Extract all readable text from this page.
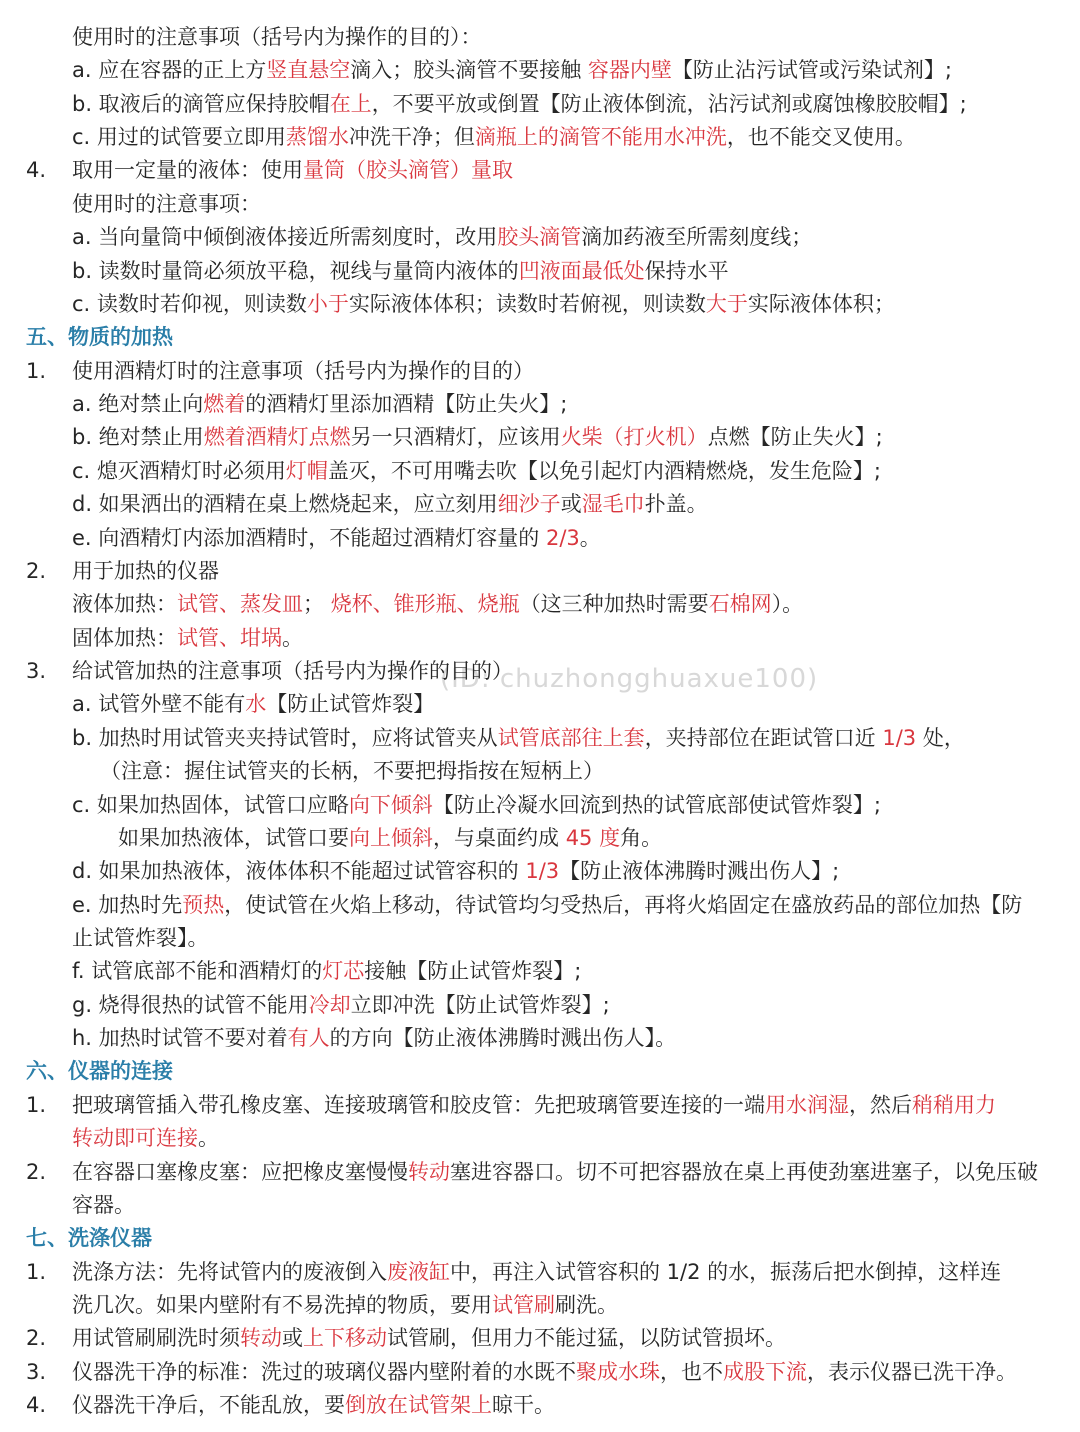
(ID: chuzhongghuaxue100)
使用时的注意事项（括号内为操作的目的）：
a. 应在容器的正上方竖直悬空滴入；胶头滴管不要接触 容器内壁【防止沾污试管或污染试剂】;
b. 取液后的滴管应保持胶帽在上，不要平放或倒置【防止液体倒流，沾污试剂或腐蚀橡胶胶帽】;
c. 用过的试管要立即用蒸馏水冲洗干净；但滴瓶上的滴管不能用水冲洗，也不能交叉使用。
4. 取用一定量的液体：使用量筒（胶头滴管）量取
使用时的注意事项：
a. 当向量筒中倾倒液体接近所需刻度时，改用胶头滴管滴加药液至所需刻度线；
b. 读数时量筒必须放平稳，视线与量筒内液体的凹液面最低处保持水平
c. 读数时若仰视，则读数小于实际液体体积；读数时若俯视，则读数大于实际液体体积；
五、物质的加热
1. 使用酒精灯时的注意事项（括号内为操作的目的）
a. 绝对禁止向燃着的酒精灯里添加酒精【防止失火】;
b. 绝对禁止用燃着酒精灯点燃另一只酒精灯，应该用火柴（打火机）点燃【防止失火】;
c. 熄灭酒精灯时必须用灯帽盖灭，不可用嘴去吹【以免引起灯内酒精燃烧，发生危险】;
d. 如果洒出的酒精在桌上燃烧起来，应立刻用细沙子或湿毛巾扑盖。
e. 向酒精灯内添加酒精时，不能超过酒精灯容量的 2/3。
2. 用于加热的仪器
液体加热：试管、蒸发皿； 烧杯、锥形瓶、烧瓶（这三种加热时需要石棉网）。
固体加热：试管、坩埚。
3. 给试管加热的注意事项（括号内为操作的目的）
a. 试管外壁不能有水【防止试管炸裂】
b. 加热时用试管夹夹持试管时，应将试管夹从试管底部往上套，夹持部位在距试管口近 1/3 处，
（注意：握住试管夹的长柄，不要把拇指按在短柄上）
c. 如果加热固体，试管口应略向下倾斜【防止冷凝水回流到热的试管底部使试管炸裂】;
如果加热液体，试管口要向上倾斜，与桌面约成 45 度角。
d. 如果加热液体，液体体积不能超过试管容积的 1/3【防止液体沸腾时溅出伤人】;
e. 加热时先预热，使试管在火焰上移动，待试管均匀受热后，再将火焰固定在盛放药品的部位加热【防
止试管炸裂】。
f. 试管底部不能和酒精灯的灯芯接触【防止试管炸裂】;
g. 烧得很热的试管不能用冷却立即冲洗【防止试管炸裂】;
h. 加热时试管不要对着有人的方向【防止液体沸腾时溅出伤人】。
六、仪器的连接
1. 把玻璃管插入带孔橡皮塞、连接玻璃管和胶皮管：先把玻璃管要连接的一端用水润湿，然后稍稍用力
转动即可连接。
2. 在容器口塞橡皮塞：应把橡皮塞慢慢转动塞进容器口。切不可把容器放在桌上再使劲塞进塞子，以免压破
容器。
七、洗涤仪器
1. 洗涤方法：先将试管内的废液倒入废液缸中，再注入试管容积的 1/2 的水，振荡后把水倒掉，这样连
洗几次。如果内壁附有不易洗掉的物质，要用试管刷刷洗。
2. 用试管刷刷洗时须转动或上下移动试管刷，但用力不能过猛，以防试管损坏。
3. 仪器洗干净的标准：洗过的玻璃仪器内壁附着的水既不聚成水珠，也不成股下流，表示仪器已洗干净。
4. 仪器洗干净后，不能乱放，要倒放在试管架上晾干。
